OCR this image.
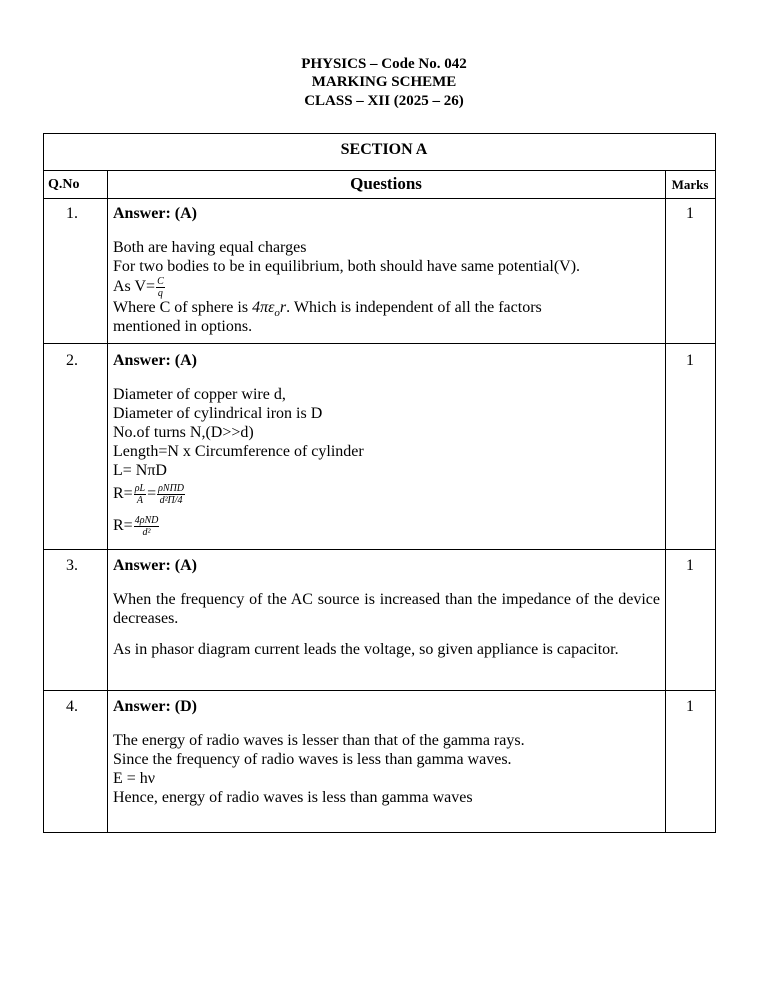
PHYSICS – Code No. 042
MARKING SCHEME
CLASS – XII (2025 – 26)
SECTION A
Q.No	Questions	Marks
1. Answer: (A)	1
Both are having equal charges
For two bodies to be in equilibrium, both should have same potential(V).
As $V= \frac{C}{q}$
Where C of sphere is $4\pi\varepsilon_or$. Which is independent of all the factors
mentioned in options.
2. Answer: (A)	1
Diameter of copper wire d,
Diameter of cylindrical iron is D
No.of turns N,(D>>d)
Length=N x Circumference of cylinder
L= NπD
$R= \frac{\rho L}{A} = \frac{\text{ρNΠD}}{\text{d²Π/4}}$
$R= \frac{\text{4ρND}}{\text{d²}}$
3. Answer: (A)	1
When the frequency of the AC source is increased than the impedance of the device decreases.
As in phasor diagram current leads the voltage, so given appliance is capacitor.
4. Answer: (D)	1
The energy of radio waves is lesser than that of the gamma rays.
Since the frequency of radio waves is less than gamma waves.
E = hν
Hence, energy of radio waves is less than gamma waves
